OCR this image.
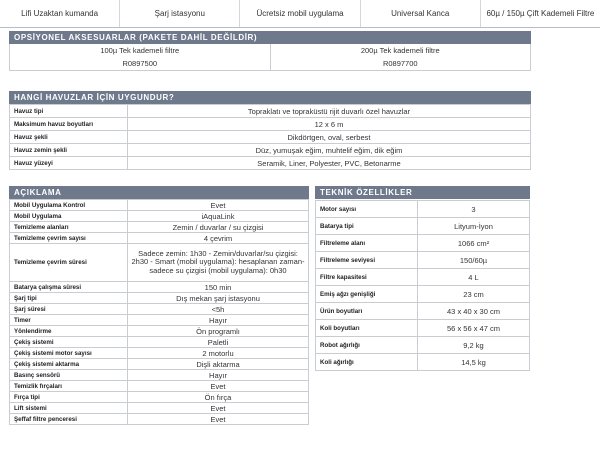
Lifi Uzaktan kumanda	Şarj istasyonu	Ücretsiz mobil uygulama	Universal Kanca	60µ / 150µ Çift Kademeli Filtre
OPSİYONEL AKSESUARLAR (PAKETE DAHİL DEĞİLDİR)
100µ Tek kademeli filtre	200µ Tek kademeli filtre
R0897500	R0897700
HANGİ HAVUZLAR İÇİN UYGUNDUR?
Havuz tipi	Topraklatı ve topraküstü rijit duvarlı özel havuzlar
Maksimum havuz boyutları	12 x 6 m
Havuz şekli	Dikdörtgen, oval, serbest
Havuz zemin şekli	Düz, yumuşak eğim, muhtelif eğim, dik eğim
Havuz yüzeyi	Seramik, Liner, Polyester, PVC, Betonarme
AÇIKLAMA
Mobil Uygulama Kontrol	Evet
Mobil Uygulama	iAquaLink
Temizleme alanları	Zemin / duvarlar / su çizgisi
Temizleme çevrim sayısı	4 çevrim
Temizleme çevrim süresi	Sadece zemin: 1h30 - Zemin/duvarlar/su çizgisi: 2h30 - Smart (mobil uygulama): hesaplanan zaman- sadece su çizgisi (mobil uygulama): 0h30
Batarya çalışma süresi	150 min
Şarj tipi	Dış mekan şarj istasyonu
Şarj süresi	<5h
Timer	Hayır
Yönlendirme	Ön programlı
Çekiş sistemi	Paletli
Çekiş sistemi motor sayısı	2 motorlu
Çekiş sistemi aktarma	Dişli aktarma
Basınç sensörü	Hayır
Temizlik fırçaları	Evet
Fırça tipi	Ön fırça
Lift sistemi	Evet
Şeffaf filtre penceresi	Evet
TEKNİK ÖZELLİKLER
Motor sayısı	3
Batarya tipi	Lityum-İyon
Filtreleme alanı	1066 cm²
Filtreleme seviyesi	150/60µ
Filtre kapasitesi	4 L
Emiş ağzı genişliği	23 cm
Ürün boyutları	43 x 40 x 30 cm
Koli boyutları	56 x 56 x 47 cm
Robot ağırlığı	9,2 kg
Koli ağırlığı	14,5 kg
